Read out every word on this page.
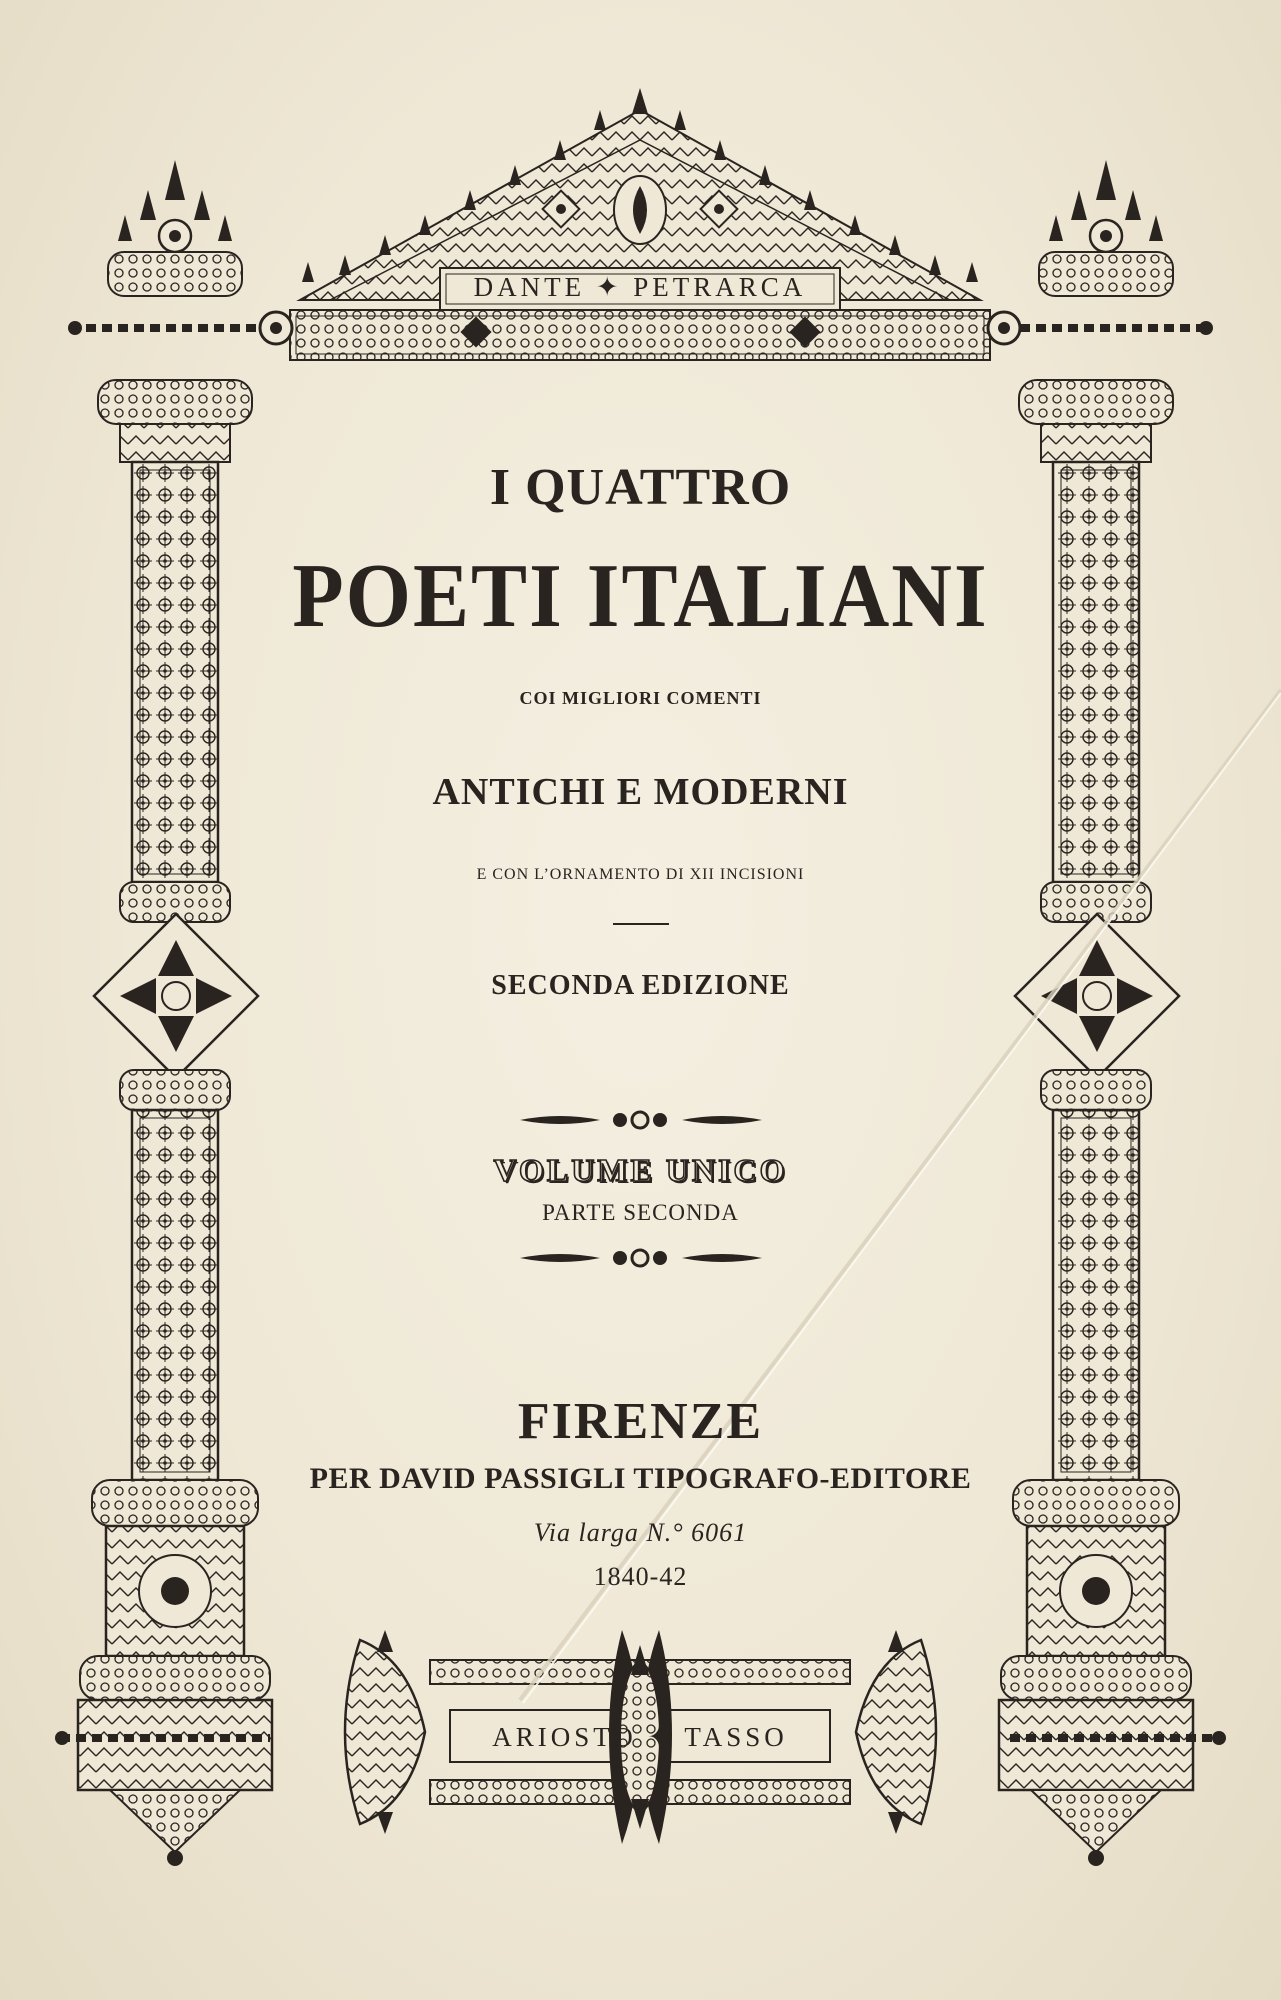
DANTE ✦ PETRARCA
ARIOSTO ✦ TASSO
I QUATTRO
POETI ITALIANI
COI MIGLIORI COMENTI
ANTICHI E MODERNI
E CON L’ORNAMENTO DI XII INCISIONI
SECONDA EDIZIONE
VOLUME UNICO
PARTE SECONDA
FIRENZE
PER DAVID PASSIGLI TIPOGRAFO-EDITORE
Via larga N.° 6061
1840-42
